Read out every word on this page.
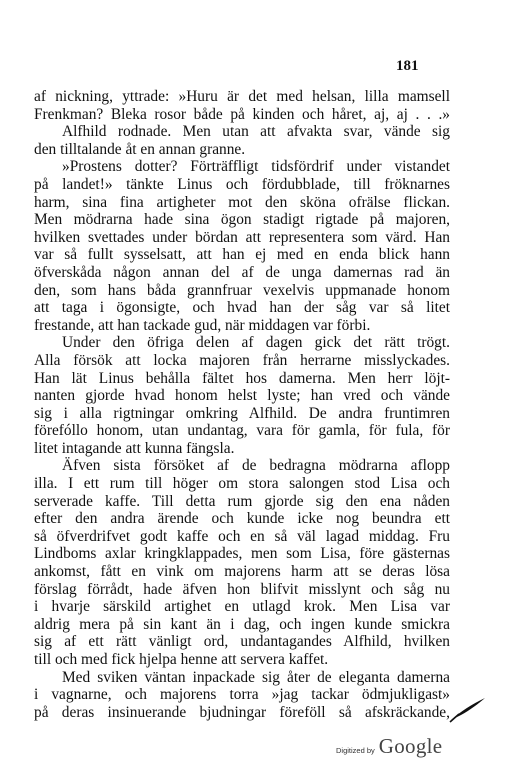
181
af nickning, yttrade: »Huru är det med helsan, lilla mamsell
Frenkman? Bleka rosor både på kinden och håret, aj, aj . . .»
Alfhild rodnade. Men utan att afvakta svar, vände sig
den tilltalande åt en annan granne.
»Prostens dotter? Förträffligt tidsfördrif under vistandet
på landet!» tänkte Linus och fördubblade, till fröknarnes
harm, sina fina artigheter mot den sköna ofrälse flickan.
Men mödrarna hade sina ögon stadigt rigtade på majoren,
hvilken svettades under bördan att representera som värd. Han
var så fullt sysselsatt, att han ej med en enda blick hann
öfverskåda någon annan del af de unga damernas rad än
den, som hans båda grannfruar vexelvis uppmanade honom
att taga i ögonsigte, och hvad han der såg var så litet
frestande, att han tackade gud, när middagen var förbi.
Under den öfriga delen af dagen gick det rätt trögt.
Alla försök att locka majoren från herrarne misslyckades.
Han lät Linus behålla fältet hos damerna. Men herr löjt-
nanten gjorde hvad honom helst lyste; han vred och vände
sig i alla rigtningar omkring Alfhild. De andra fruntimren
förefóllo honom, utan undantag, vara för gamla, för fula, för
litet intagande att kunna fängsla.
Äfven sista försöket af de bedragna mödrarna aflopp
illa. I ett rum till höger om stora salongen stod Lisa och
serverade kaffe. Till detta rum gjorde sig den ena nåden
efter den andra ärende och kunde icke nog beundra ett
så öfverdrifvet godt kaffe och en så väl lagad middag. Fru
Lindboms axlar kringklappades, men som Lisa, före gästernas
ankomst, fått en vink om majorens harm att se deras lösa
förslag förrådt, hade äfven hon blifvit misslynt och såg nu
i hvarje särskild artighet en utlagd krok. Men Lisa var
aldrig mera på sin kant än i dag, och ingen kunde smickra
sig af ett rätt vänligt ord, undantagandes Alfhild, hvilken
till och med fick hjelpa henne att servera kaffet.
Med sviken väntan inpackade sig åter de eleganta damerna
i vagnarne, och majorens torra »jag tackar ödmjukligast»
på deras insinuerande bjudningar föreföll så afskräckande,
Digitized by Google
